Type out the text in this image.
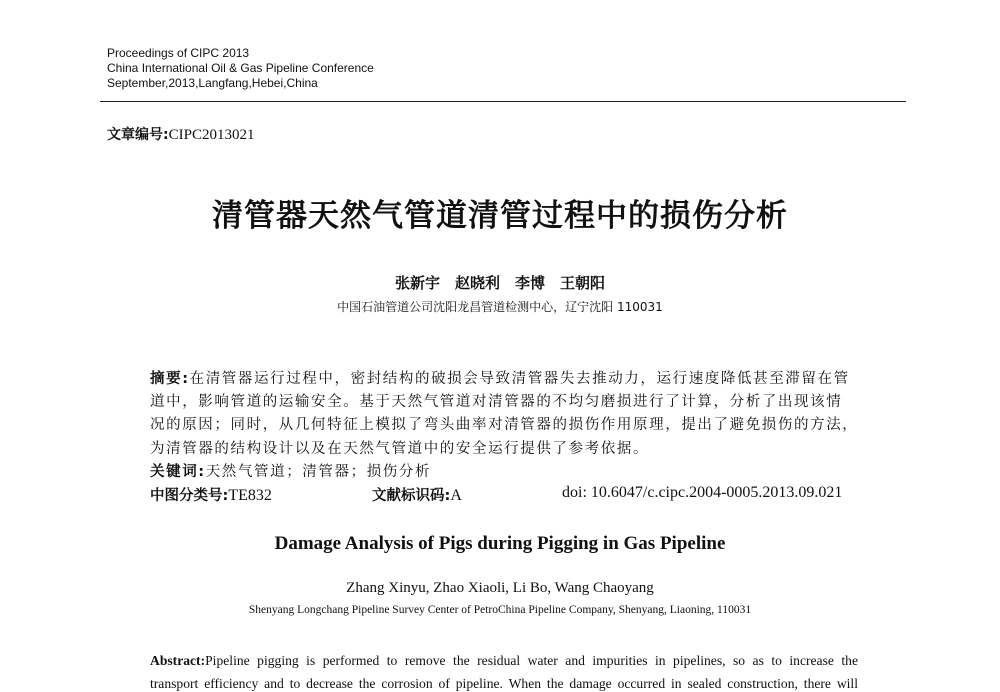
Proceedings of CIPC 2013
China International Oil & Gas Pipeline Conference
September,2013,Langfang,Hebei,China
文章编号:CIPC2013021
清管器天然气管道清管过程中的损伤分析
张新宇　赵晓利　李博　王朝阳
中国石油管道公司沈阳龙昌管道检测中心，辽宁沈阳 110031
摘要:在清管器运行过程中，密封结构的破损会导致清管器失去推动力，运行速度降低甚至滞留在管
道中，影响管道的运输安全。基于天然气管道对清管器的不均匀磨损进行了计算，分析了出现该情
况的原因；同时，从几何特征上模拟了弯头曲率对清管器的损伤作用原理，提出了避免损伤的方法，
为清管器的结构设计以及在天然气管道中的安全运行提供了参考依据。
关键词:天然气管道；清管器；损伤分析
中图分类号:TE832	文献标识码:A	doi: 10.6047/c.cipc.2004-0005.2013.09.021
Damage Analysis of Pigs during Pigging in Gas Pipeline
Zhang Xinyu, Zhao Xiaoli, Li Bo, Wang Chaoyang
Shenyang Longchang Pipeline Survey Center of PetroChina Pipeline Company, Shenyang, Liaoning, 110031
Abstract:Pipeline pigging is performed to remove the residual water and impurities in pipelines, so as to increase the
transport efficiency and to decrease the corrosion of pipeline. When the damage occurred in sealed construction, there will
